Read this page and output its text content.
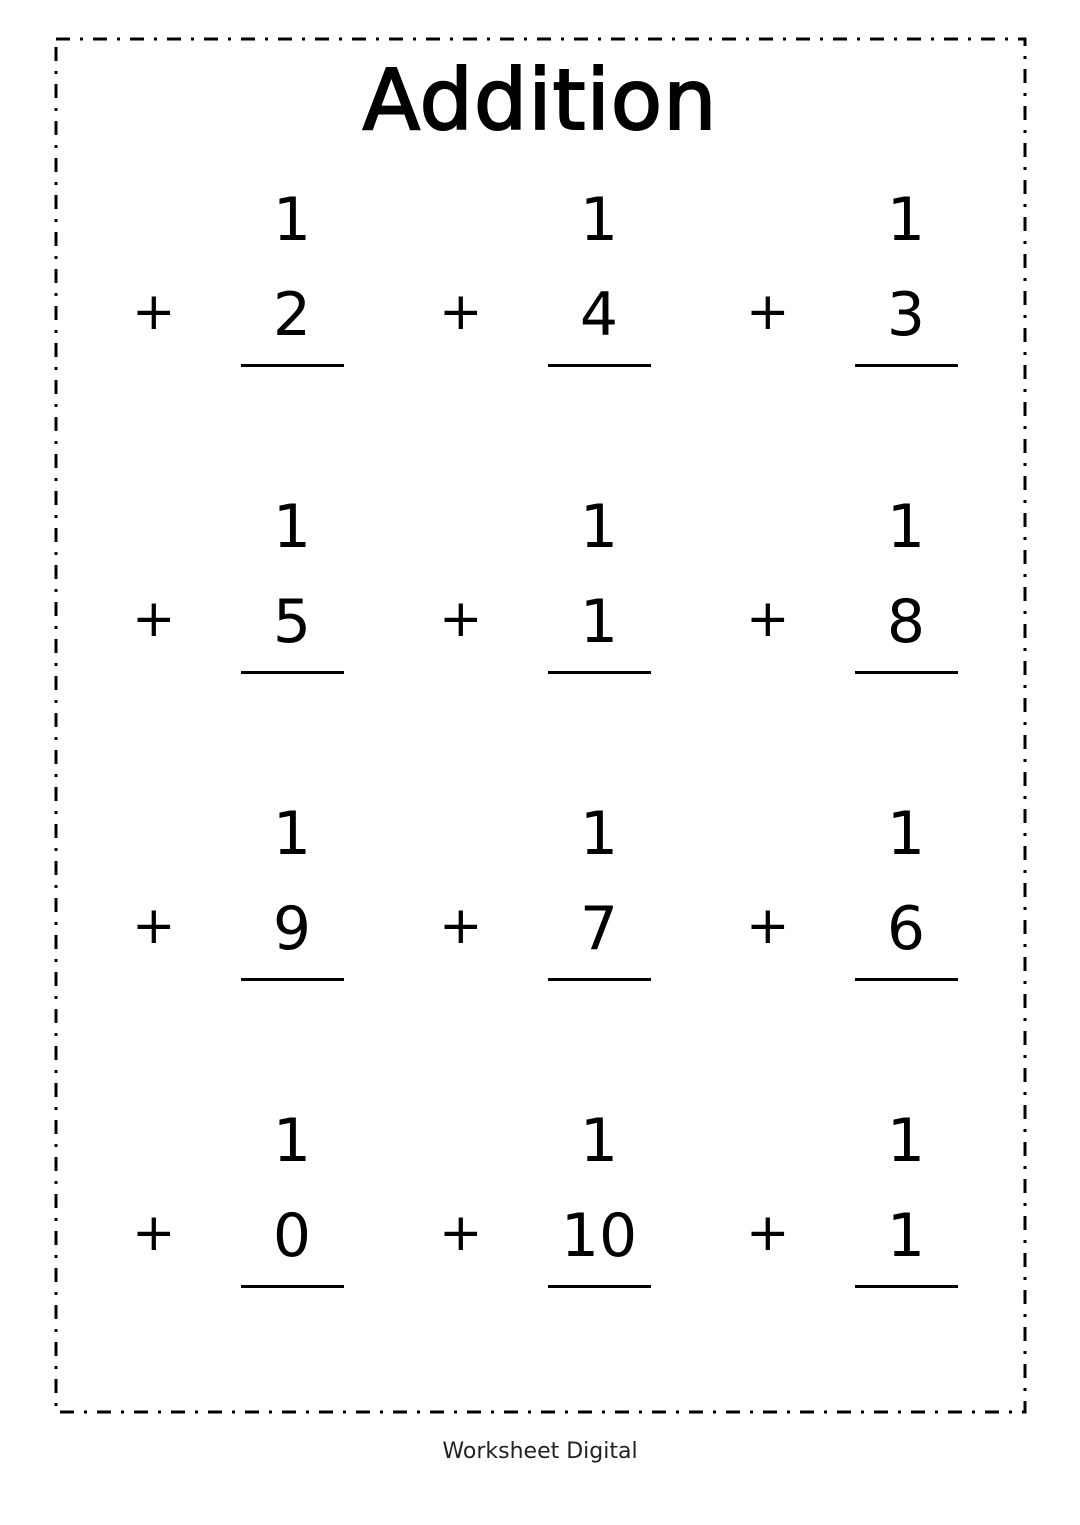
Addition
1
+	2
1
+	4
1
+	3
1
+	5
1
+	1
1
+	8
1
+	9
1
+	7
1
+	6
1
+	0
1
+	10
1
+	1
Worksheet Digital
